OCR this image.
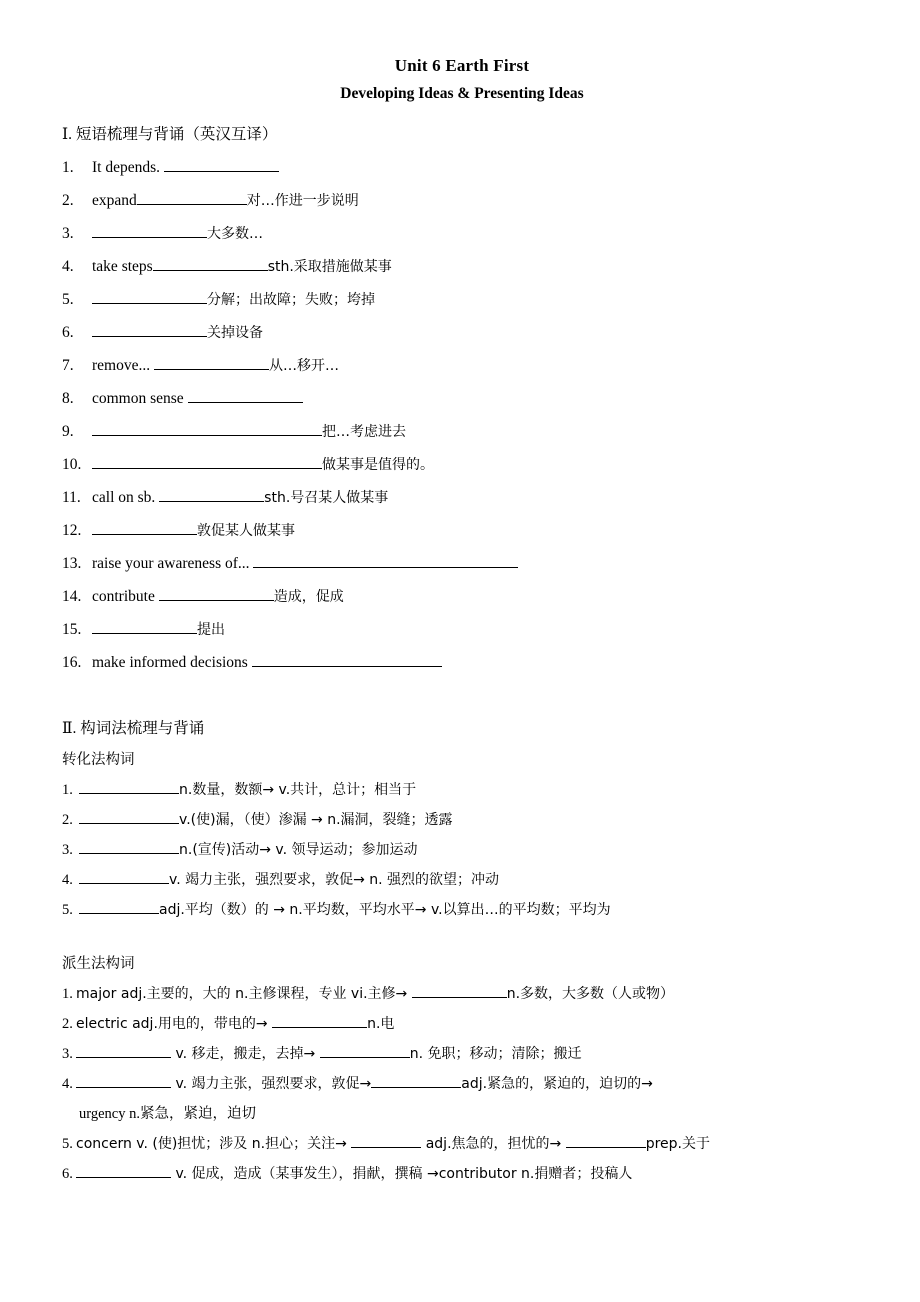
Unit 6 Earth First
Developing Ideas & Presenting Ideas
Ⅰ. 短语梳理与背诵（英汉互译）
1.	It depends.
2.	expand	对…作进一步说明
3.	大多数…
4.	take steps	sth.采取措施做某事
5.	分解；出故障；失败；垮掉
6.	关掉设备
7.	remove...	从…移开…
8.	common sense
9.	把…考虑进去
10.	做某事是值得的。
11. call on sb.	sth.号召某人做某事
12.	敦促某人做某事
13. raise your awareness of...
14. contribute	造成，促成
15.	提出
16. make informed decisions
Ⅱ. 构词法梳理与背诵
转化法构词
1.	n.数量，数额→ v.共计，总计；相当于
2.	v.(使)漏，（使）渗漏 → n.漏洞，裂缝；透露
3.	n.(宣传)活动→ v. 领导运动；参加运动
4.	v. 竭力主张，强烈要求，敦促→ n. 强烈的欲望；冲动
5.	adj.平均（数）的 → n.平均数，平均水平→ v.以算出…的平均数；平均为
派生法构词
1. major adj.主要的，大的 n.主修课程，专业 vi.主修→	n.多数，大多数（人或物）
2. electric adj.用电的，带电的→	n.电
3.	v. 移走，搬走，去掉→	n. 免职；移动；清除；搬迁
4.	v. 竭力主张，强烈要求，敦促→	adj.紧急的，紧迫的，迫切的→
urgency n.紧急，紧迫，迫切
5. concern v. (使)担忧；涉及 n.担心；关注→	adj.焦急的，担忧的→	prep.关于
6.	v. 促成，造成（某事发生），捐献，撰稿 →contributor n.捐赠者；投稿人
